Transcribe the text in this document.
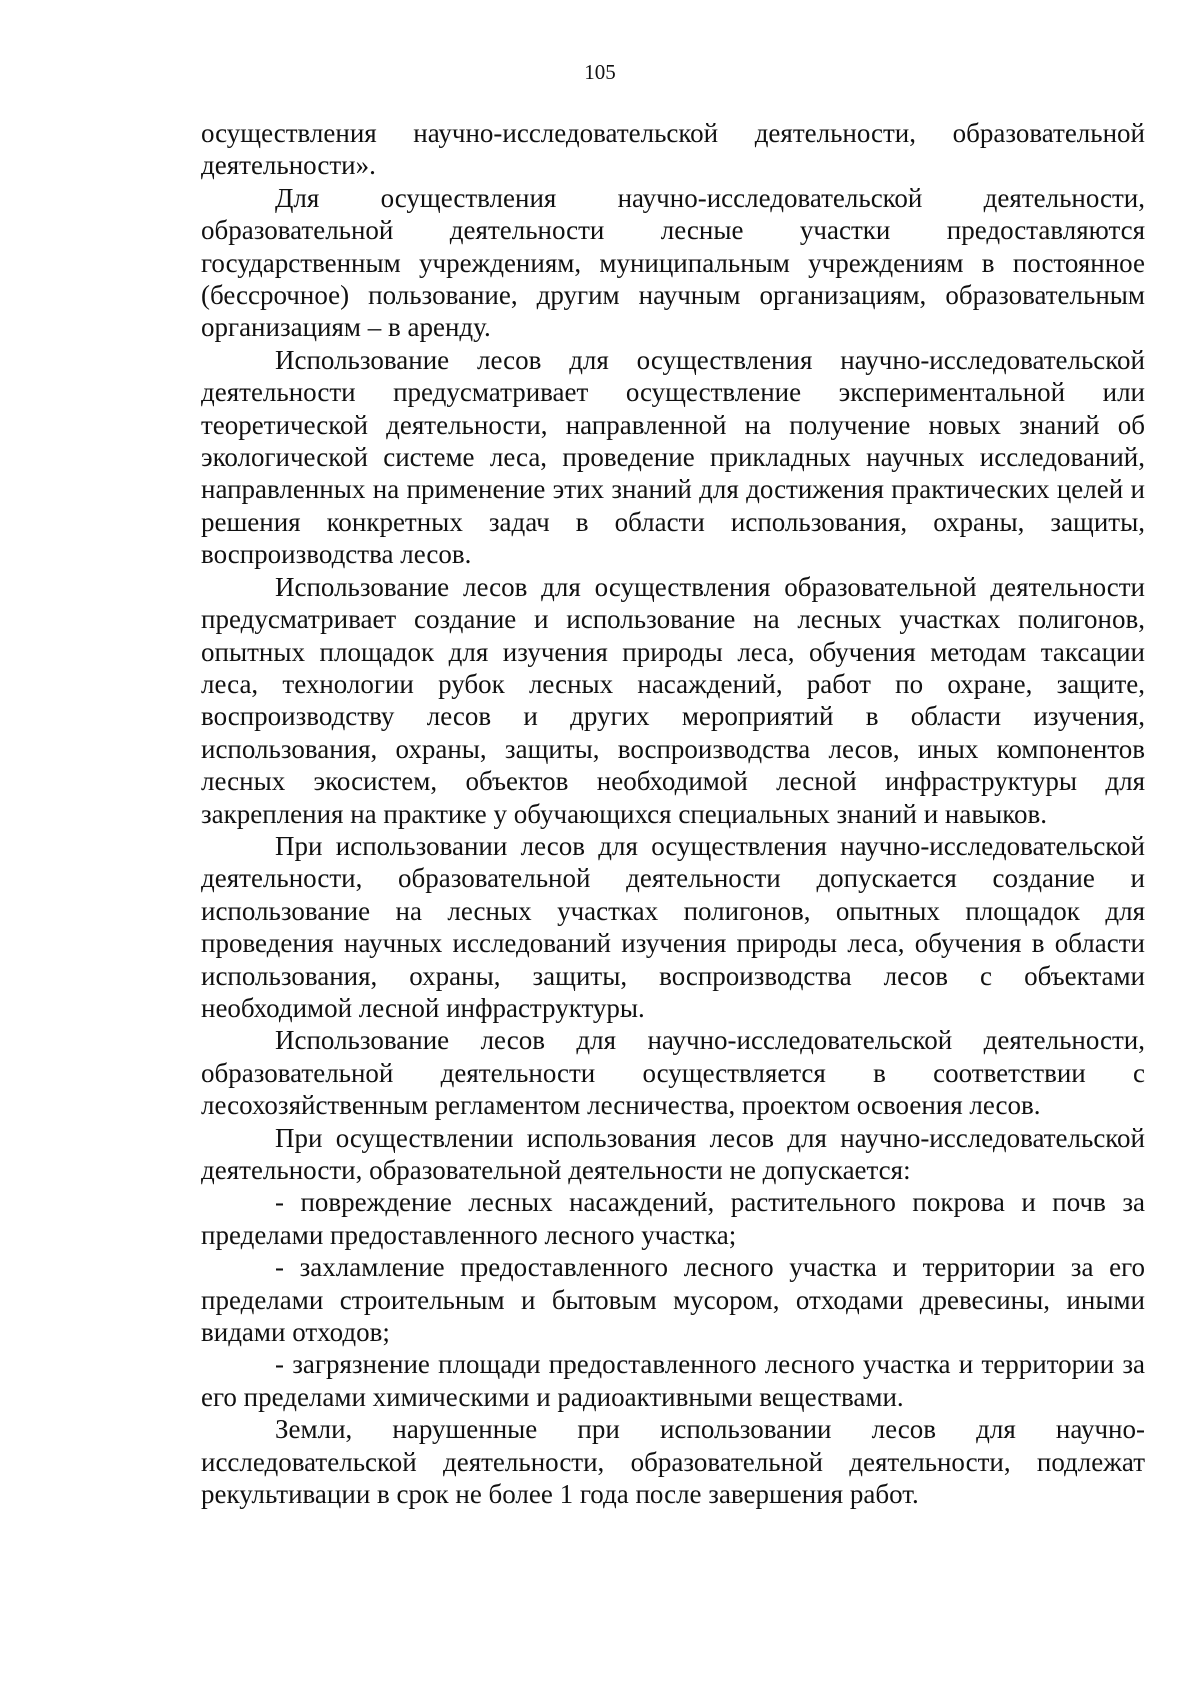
105

осуществления научно-исследовательской деятельности, образовательной деятельности».

Для осуществления научно-исследовательской деятельности, образовательной деятельности лесные участки предоставляются государственным учреждениям, муниципальным учреждениям в постоянное (бессрочное) пользование, другим научным организациям, образовательным организациям – в аренду.

Использование лесов для осуществления научно-исследовательской деятельности предусматривает осуществление экспериментальной или теоретической деятельности, направленной на получение новых знаний об экологической системе леса, проведение прикладных научных исследований, направленных на применение этих знаний для достижения практических целей и решения конкретных задач в области использования, охраны, защиты, воспроизводства лесов.

Использование лесов для осуществления образовательной деятельности предусматривает создание и использование на лесных участках полигонов, опытных площадок для изучения природы леса, обучения методам таксации леса, технологии рубок лесных насаждений, работ по охране, защите, воспроизводству лесов и других мероприятий в области изучения, использования, охраны, защиты, воспроизводства лесов, иных компонентов лесных экосистем, объектов необходимой лесной инфраструктуры для закрепления на практике у обучающихся специальных знаний и навыков.

При использовании лесов для осуществления научно-исследовательской деятельности, образовательной деятельности допускается создание и использование на лесных участках полигонов, опытных площадок для проведения научных исследований изучения природы леса, обучения в области использования, охраны, защиты, воспроизводства лесов с объектами необходимой лесной инфраструктуры.

Использование лесов для научно-исследовательской деятельности, образовательной деятельности осуществляется в соответствии с лесохозяйственным регламентом лесничества, проектом освоения лесов.

При осуществлении использования лесов для научно-исследовательской деятельности, образовательной деятельности не допускается:

- повреждение лесных насаждений, растительного покрова и почв за пределами предоставленного лесного участка;

- захламление предоставленного лесного участка и территории за его пределами строительным и бытовым мусором, отходами древесины, иными видами отходов;

- загрязнение площади предоставленного лесного участка и территории за его пределами химическими и радиоактивными веществами.

Земли, нарушенные при использовании лесов для научно-исследовательской деятельности, образовательной деятельности, подлежат рекультивации в срок не более 1 года после завершения работ.
